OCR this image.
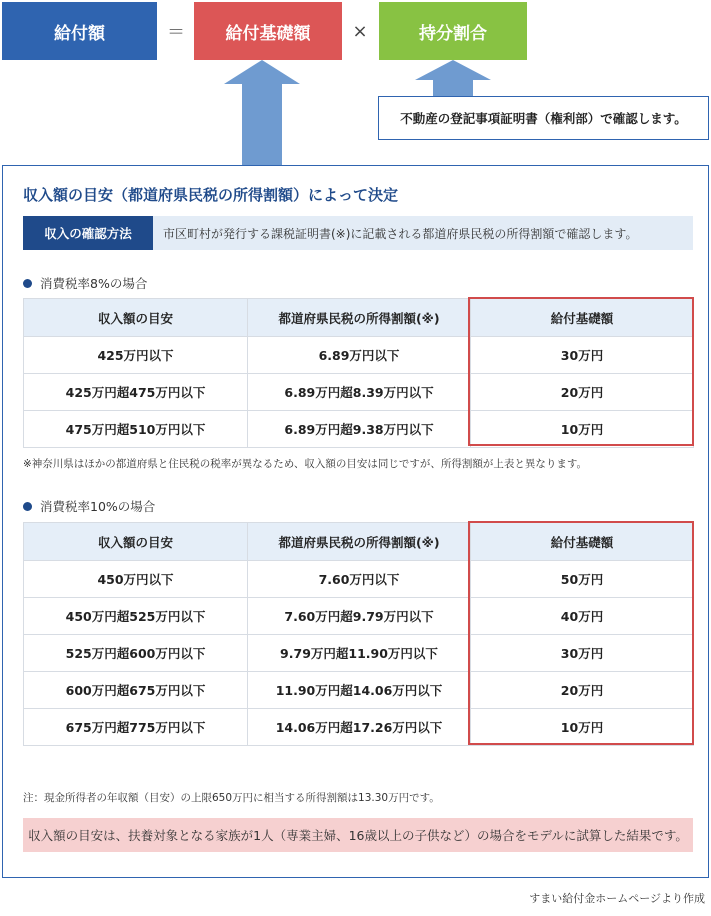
給付額	＝ 給付基礎額	×	持分割合
不動産の登記事項証明書（権利部）で確認します。
収入額の目安（都道府県民税の所得割額）によって決定
収入の確認方法	市区町村が発行する課税証明書(※)に記載される都道府県民税の所得割額で確認します。
消費税率8%の場合
収入額の目安	都道府県民税の所得割額(※)	給付基礎額
425万円以下	6.89万円以下	30万円
425万円超475万円以下	6.89万円超8.39万円以下	20万円
475万円超510万円以下	6.89万円超9.38万円以下	10万円
※神奈川県はほかの都道府県と住民税の税率が異なるため、収入額の目安は同じですが、所得割額が上表と異なります。
消費税率10%の場合
収入額の目安	都道府県民税の所得割額(※)	給付基礎額
450万円以下	7.60万円以下	50万円
450万円超525万円以下	7.60万円超9.79万円以下	40万円
525万円超600万円以下	9.79万円超11.90万円以下	30万円
600万円超675万円以下	11.90万円超14.06万円以下	20万円
675万円超775万円以下	14.06万円超17.26万円以下	10万円
注：現金所得者の年収額（目安）の上限650万円に相当する所得割額は13.30万円です。
収入額の目安は、扶養対象となる家族が1人（専業主婦、16歳以上の子供など）の場合をモデルに試算した結果です。
すまい給付金ホームページより作成
